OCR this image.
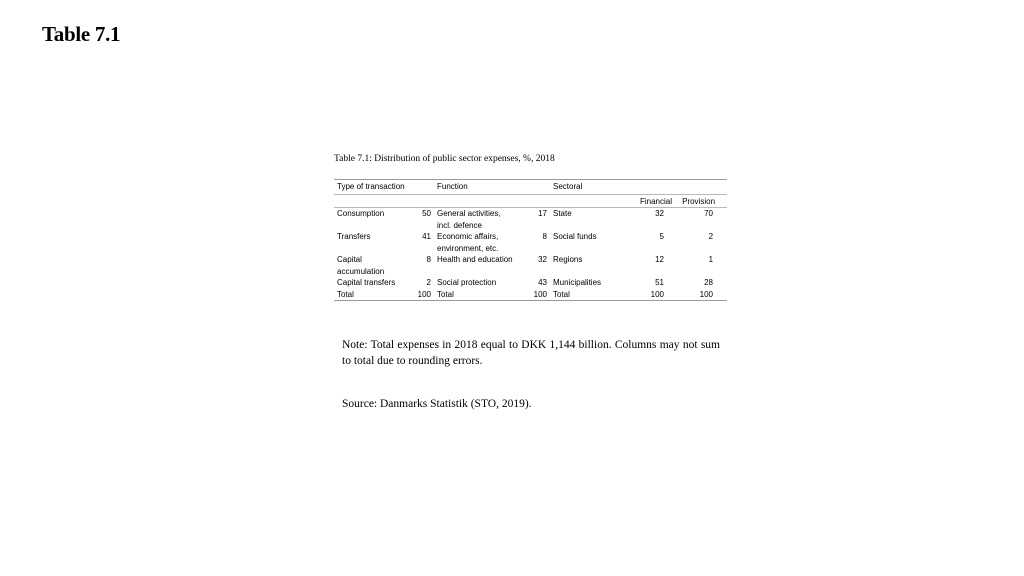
Table 7.1
Table 7.1: Distribution of public sector expenses, %, 2018
Type of transaction		Function		Sectoral		
					Financial	Provision
Consumption	50	General activities, incl. defence	17	State	32	70
Transfers	41	Economic affairs, environment, etc.	8	Social funds	5	2
Capital accumulation	8	Health and education	32	Regions	12	1
Capital transfers	2	Social protection	43	Municipalities	51	28
Total	100	Total	100	Total	100	100
Note: Total expenses in 2018 equal to DKK 1,144 billion. Columns may not sum to total due to rounding errors.
Source: Danmarks Statistik (STO, 2019).
